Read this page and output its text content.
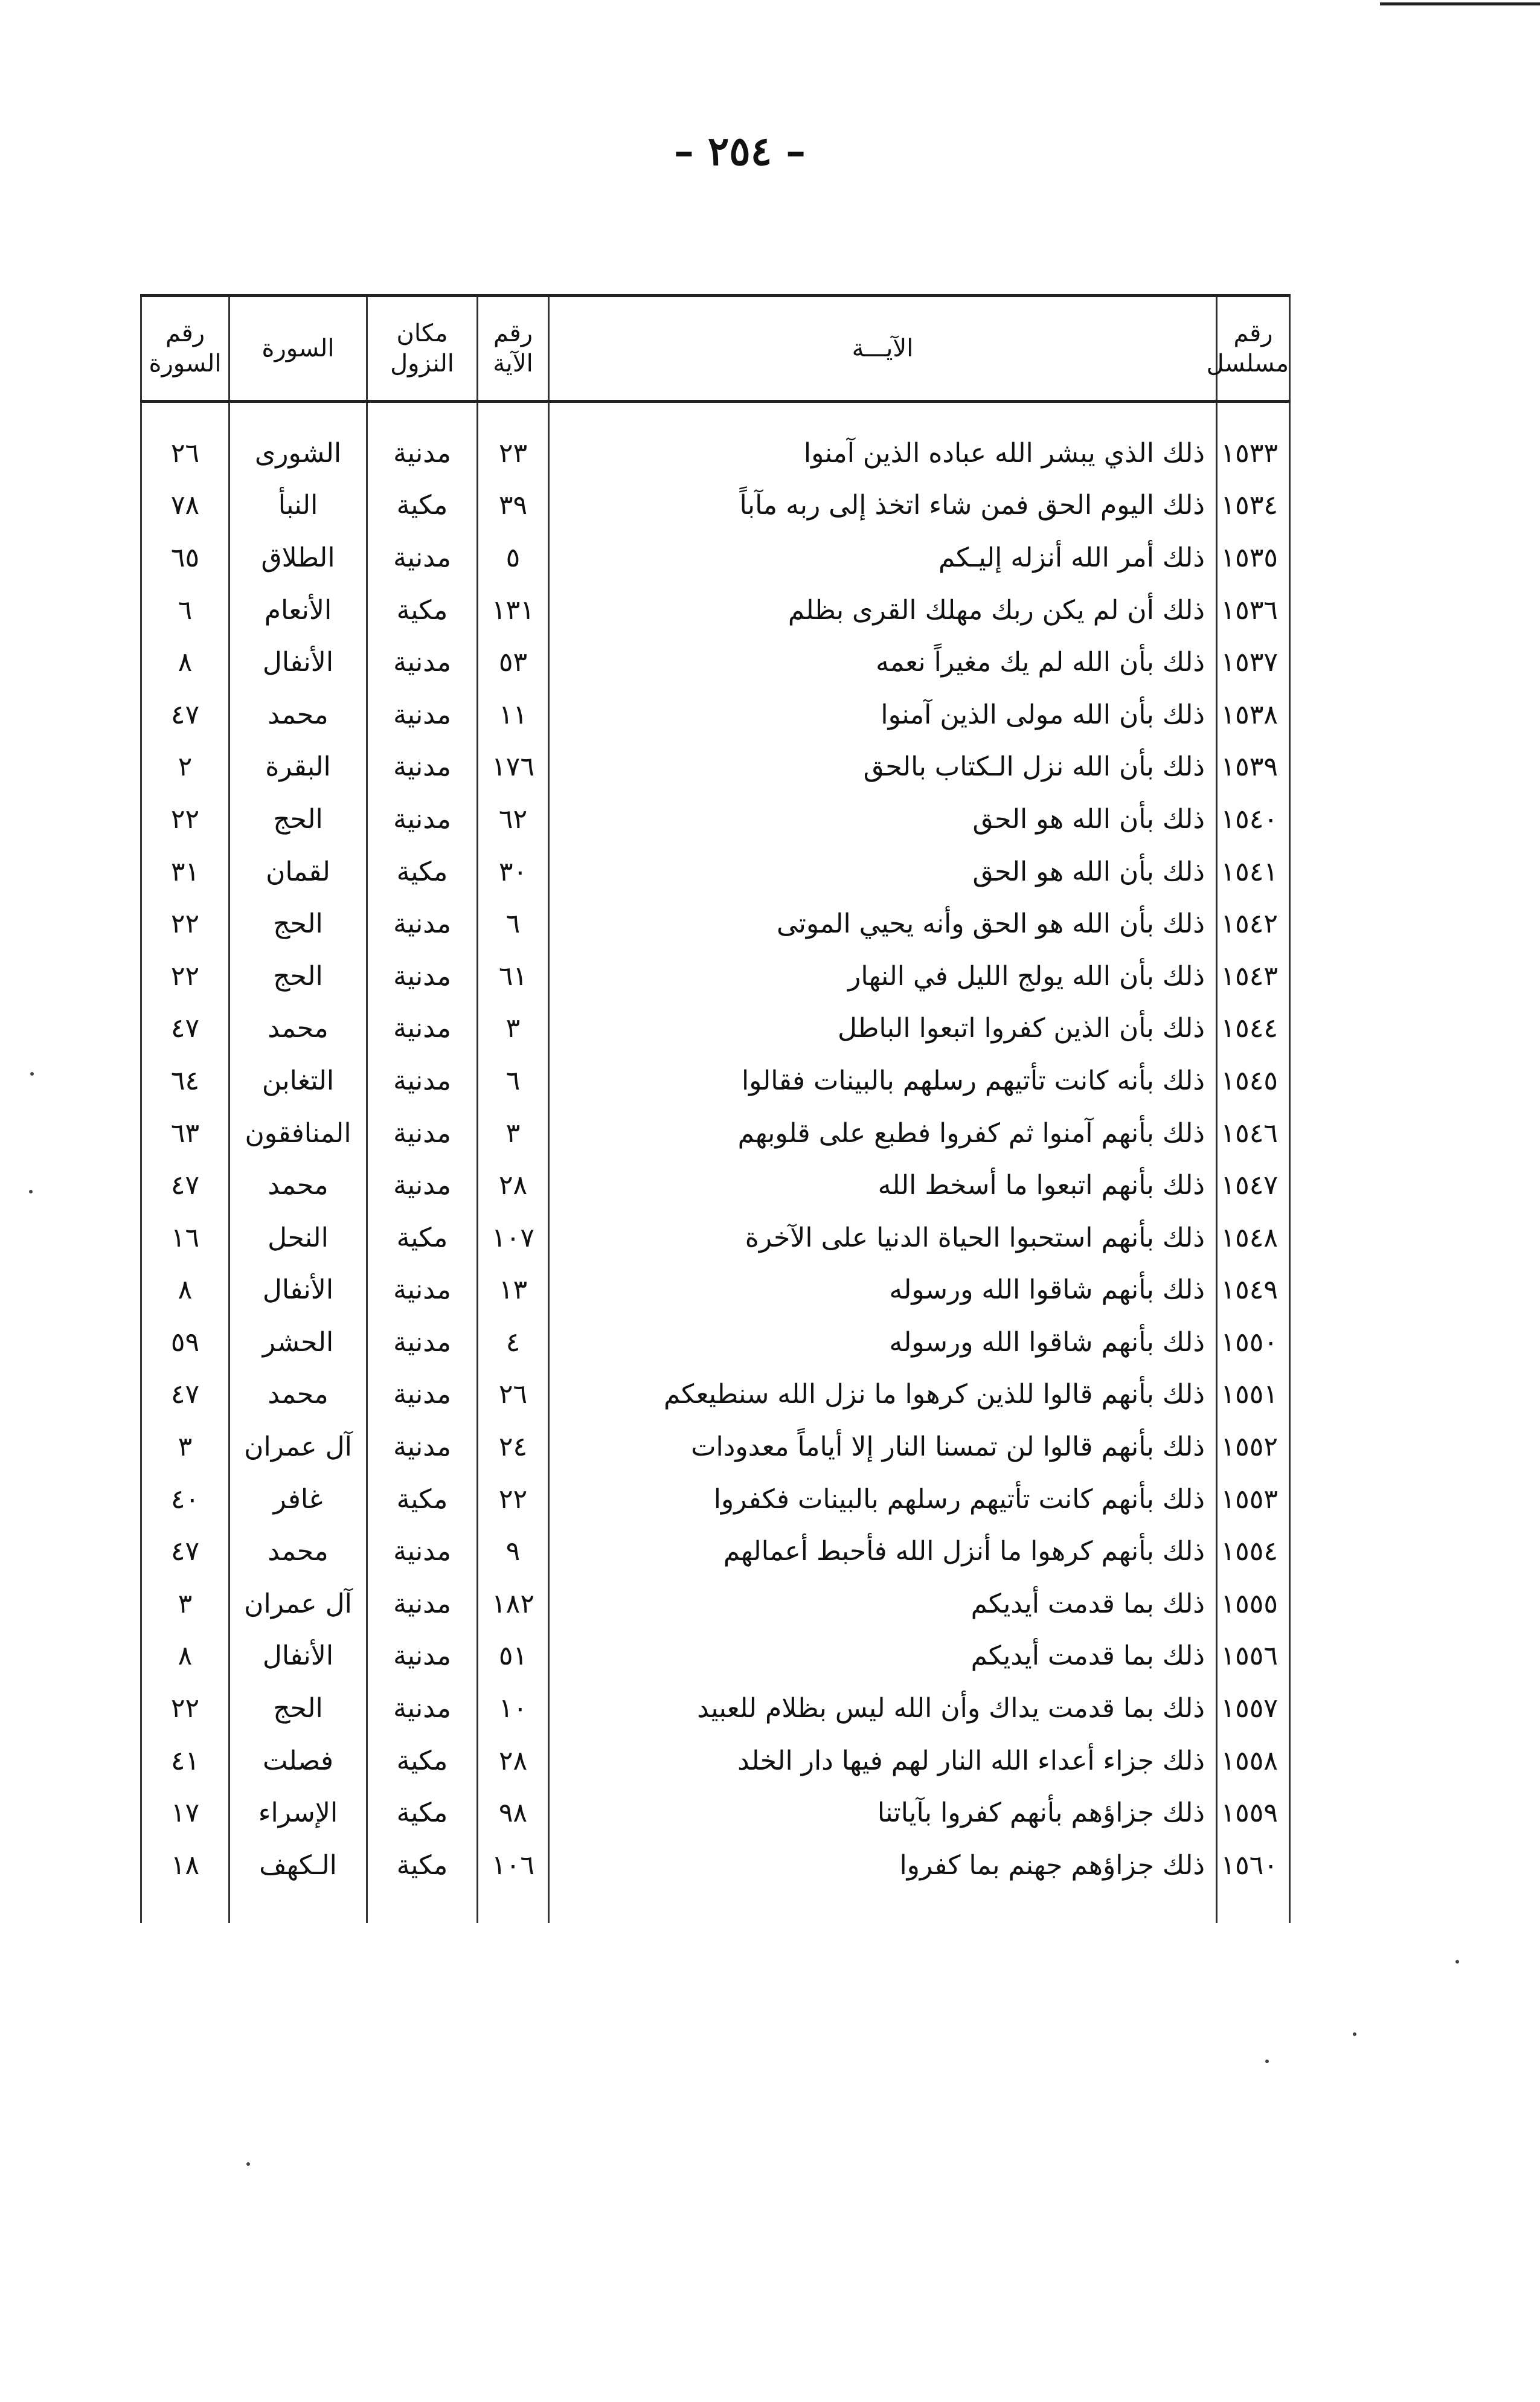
– ٢٥٤ –
رقم مسلسل	الآيـــة	رقم الآية	مكان النزول	السورة	رقم السورة

١٥٣٣	ذلك الذي يبشر الله عباده الذين آمنوا	٢٣	مدنية	الشورى	٢٦
١٥٣٤	ذلك اليوم الحق فمن شاء اتخذ إلى ربه مآباً	٣٩	مكية	النبأ	٧٨
١٥٣٥	ذلك أمر الله أنزله إليـكم	٥	مدنية	الطلاق	٦٥
١٥٣٦	ذلك أن لم يكن ربك مهلك القرى بظلم	١٣١	مكية	الأنعام	٦
١٥٣٧	ذلك بأن الله لم يك مغيراً نعمه	٥٣	مدنية	الأنفال	٨
١٥٣٨	ذلك بأن الله مولى الذين آمنوا	١١	مدنية	محمد	٤٧
١٥٣٩	ذلك بأن الله نزل الـكتاب بالحق	١٧٦	مدنية	البقرة	٢
١٥٤٠	ذلك بأن الله هو الحق	٦٢	مدنية	الحج	٢٢
١٥٤١	ذلك بأن الله هو الحق	٣٠	مكية	لقمان	٣١
١٥٤٢	ذلك بأن الله هو الحق وأنه يحيي الموتى	٦	مدنية	الحج	٢٢
١٥٤٣	ذلك بأن الله يولج الليل في النهار	٦١	مدنية	الحج	٢٢
١٥٤٤	ذلك بأن الذين كفروا اتبعوا الباطل	٣	مدنية	محمد	٤٧
١٥٤٥	ذلك بأنه كانت تأتيهم رسلهم بالبينات فقالوا	٦	مدنية	التغابن	٦٤
١٥٤٦	ذلك بأنهم آمنوا ثم كفروا فطبع على قلوبهم	٣	مدنية	المنافقون	٦٣
١٥٤٧	ذلك بأنهم اتبعوا ما أسخط الله	٢٨	مدنية	محمد	٤٧
١٥٤٨	ذلك بأنهم استحبوا الحياة الدنيا على الآخرة	١٠٧	مكية	النحل	١٦
١٥٤٩	ذلك بأنهم شاقوا الله ورسوله	١٣	مدنية	الأنفال	٨
١٥٥٠	ذلك بأنهم شاقوا الله ورسوله	٤	مدنية	الحشر	٥٩
١٥٥١	ذلك بأنهم قالوا للذين كرهوا ما نزل الله سنطيعكم	٢٦	مدنية	محمد	٤٧
١٥٥٢	ذلك بأنهم قالوا لن تمسنا النار إلا أياماً معدودات	٢٤	مدنية	آل عمران	٣
١٥٥٣	ذلك بأنهم كانت تأتيهم رسلهم بالبينات فكفروا	٢٢	مكية	غافر	٤٠
١٥٥٤	ذلك بأنهم كرهوا ما أنزل الله فأحبط أعمالهم	٩	مدنية	محمد	٤٧
١٥٥٥	ذلك بما قدمت أيديكم	١٨٢	مدنية	آل عمران	٣
١٥٥٦	ذلك بما قدمت أيديكم	٥١	مدنية	الأنفال	٨
١٥٥٧	ذلك بما قدمت يداك وأن الله ليس بظلام للعبيد	١٠	مدنية	الحج	٢٢
١٥٥٨	ذلك جزاء أعداء الله النار لهم فيها دار الخلد	٢٨	مكية	فصلت	٤١
١٥٥٩	ذلك جزاؤهم بأنهم كفروا بآياتنا	٩٨	مكية	الإسراء	١٧
١٥٦٠	ذلك جزاؤهم جهنم بما كفروا	١٠٦	مكية	الـكهف	١٨
